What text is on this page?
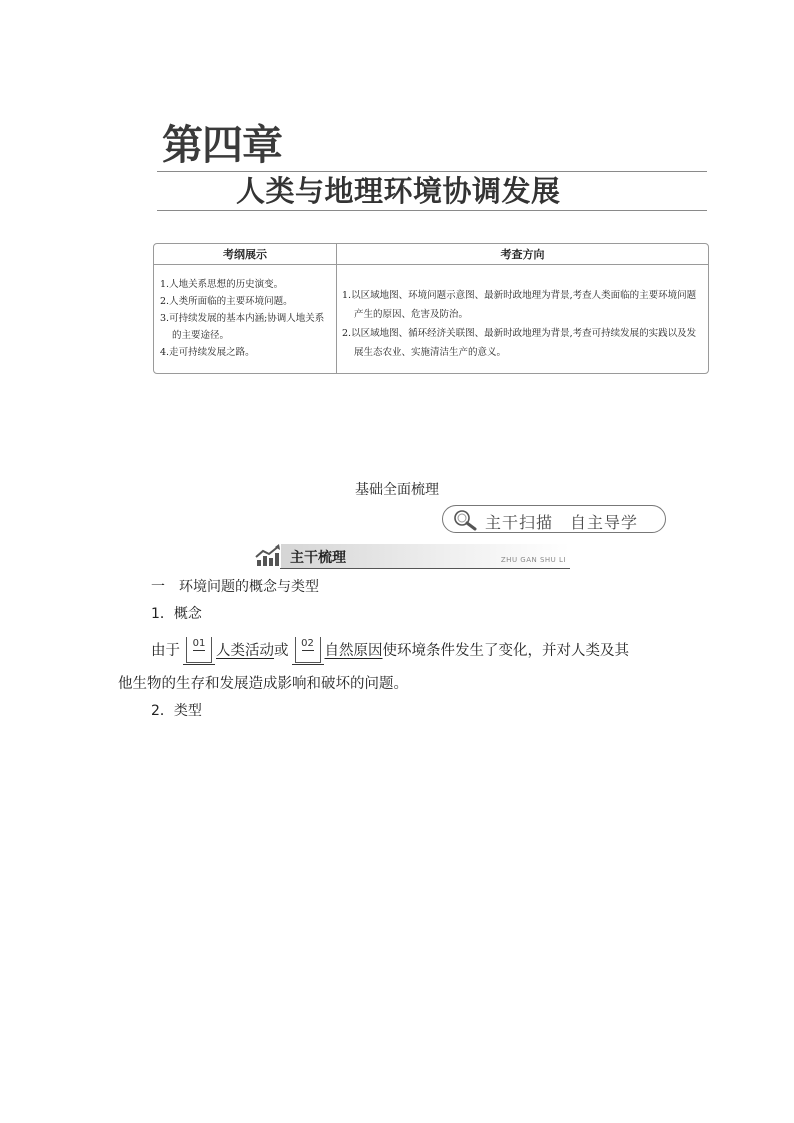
第四章
人类与地理环境协调发展
考纲展示	考查方向
1.人地关系思想的历史演变。
2.人类所面临的主要环境问题。
3.可持续发展的基本内涵;协调人地关系的主要途径。
4.走可持续发展之路。
1.以区域地图、环境问题示意图、最新时政地理为背景,考查人类面临的主要环境问题产生的原因、危害及防治。
2.以区域地图、循环经济关联图、最新时政地理为背景,考查可持续发展的实践以及发展生态农业、实施清洁生产的意义。
基础全面梳理
主干扫描　自主导学
主干梳理	ZHU GAN SHU LI
一　环境问题的概念与类型
1．概念
由于	01 人类活动或	02 自然原因使环境条件发生了变化，并对人类及其
他生物的生存和发展造成影响和破坏的问题。
2．类型
